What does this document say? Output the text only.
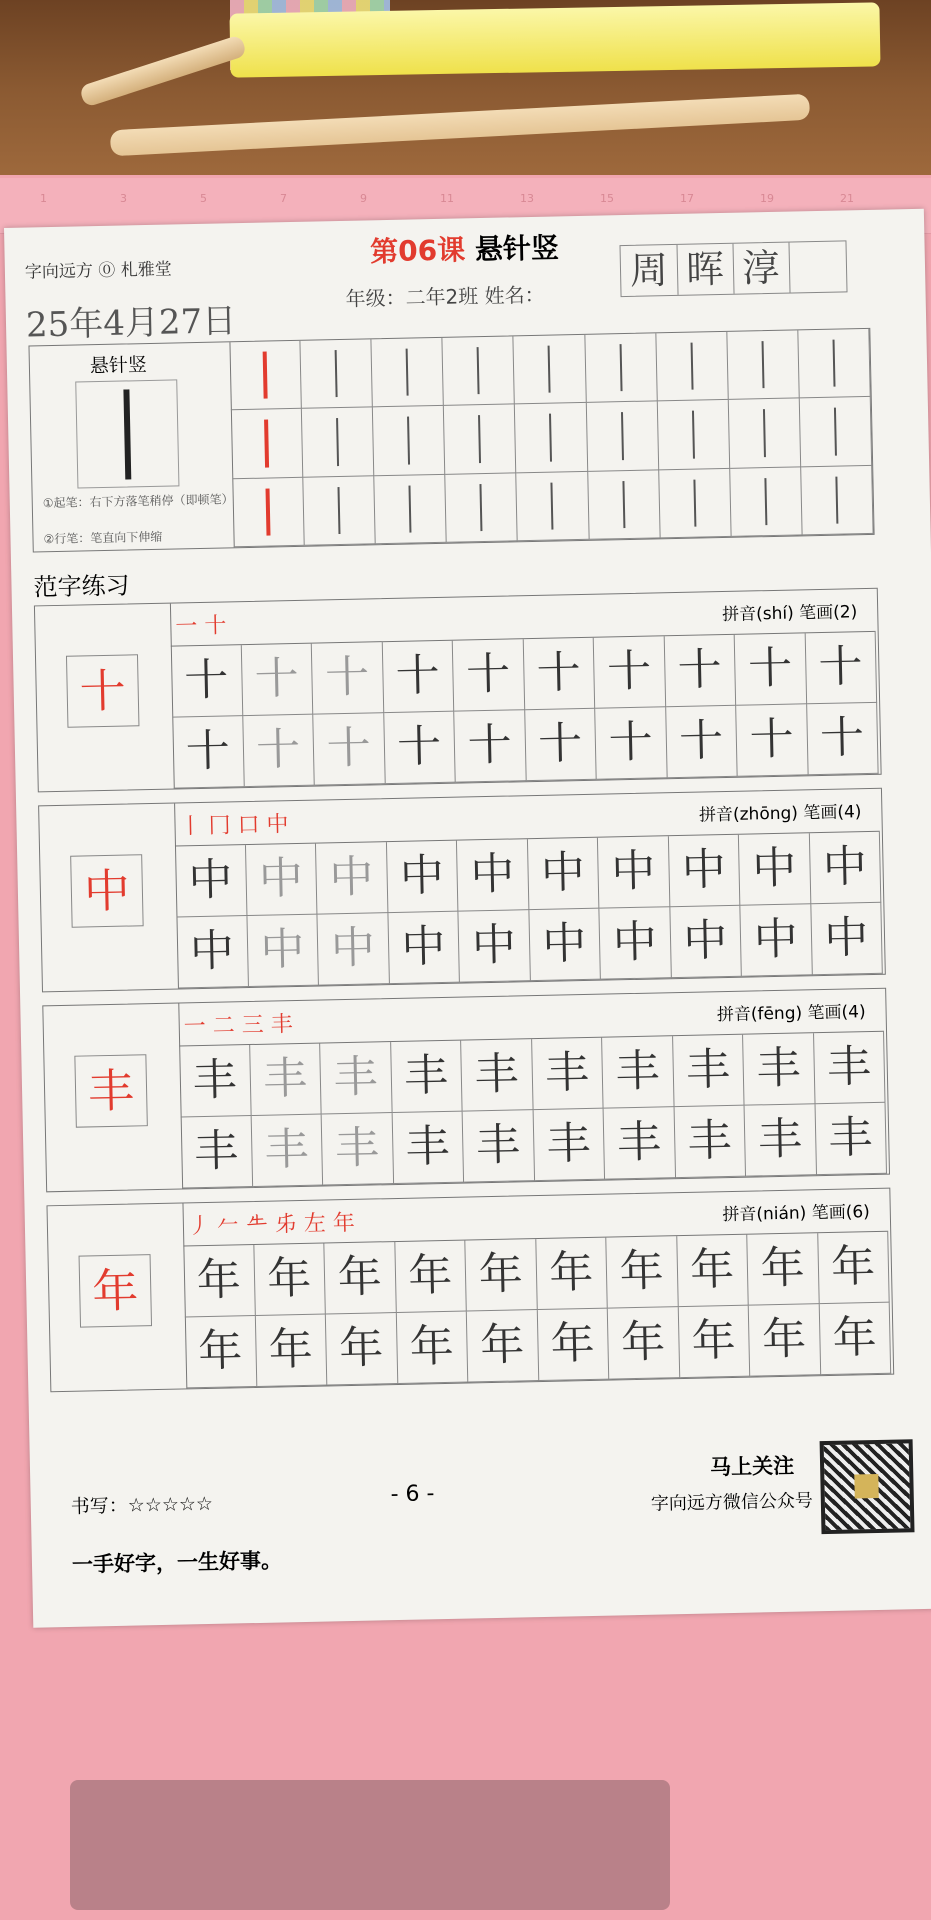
1	3	5	7	9	11	13	15	17	19	21
字向远方 ⓪ 札雅堂
第06课 悬针竖
25年4月27日
年级：二年2班 姓名：
周 晖 淳
悬针竖
①起笔：右下方落笔稍停（即顿笔）
②行笔：笔直向下伸缩
范字练习
十
一 十	拼音(shí) 笔画(2)
十 十 十 十 十 十 十 十 十 十
十 十 十 十 十 十 十 十 十 十
中
丨 冂 口 中	拼音(zhōng) 笔画(4)
中 中 中 中 中 中 中 中 中 中
中 中 中 中 中 中 中 中 中 中
丰
一 二 三 丰	拼音(fēng) 笔画(4)
丰 丰 丰 丰 丰 丰 丰 丰 丰 丰
丰 丰 丰 丰 丰 丰 丰 丰 丰 丰
年
丿 𠂉 𠂒 𠂔 左 年	拼音(nián) 笔画(6)
年 年 年 年 年 年 年 年 年 年
年 年 年 年 年 年 年 年 年 年
书写：☆☆☆☆☆
一手好字，一生好事。
- 6 -
马上关注
字向远方微信公众号
